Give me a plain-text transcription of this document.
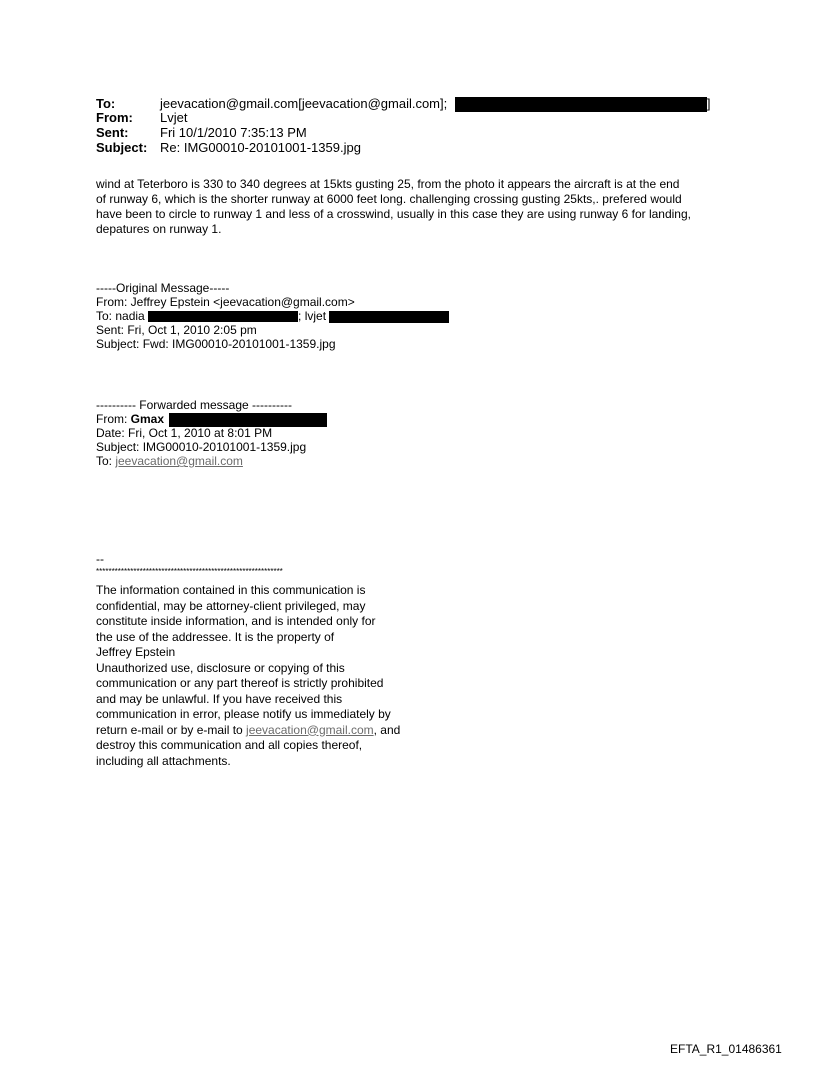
To:	jeevacation@gmail.com[jeevacation@gmail.com];	]
From:	Lvjet
Sent:	Fri 10/1/2010 7:35:13 PM
Subject: Re: IMG00010-20101001-1359.jpg
wind at Teterboro is 330 to 340 degrees at 15kts gusting 25, from the photo it appears the aircraft is at the end
of runway 6, which is the shorter runway at 6000 feet long. challenging crossing gusting 25kts,. prefered would
have been to circle to runway 1 and less of a crosswind, usually in this case they are using runway 6 for landing,
depatures on runway 1.
-----Original Message-----
From: Jeffrey Epstein <jeevacation@gmail.com>
To: nadia	; lvjet
Sent: Fri, Oct 1, 2010 2:05 pm
Subject: Fwd: IMG00010-20101001-1359.jpg
---------- Forwarded message ----------
From: Gmax
Date: Fri, Oct 1, 2010 at 8:01 PM
Subject: IMG00010-20101001-1359.jpg
To: jeevacation@gmail.com
--
************************************************************
The information contained in this communication is
confidential, may be attorney-client privileged, may
constitute inside information, and is intended only for
the use of the addressee. It is the property of
Jeffrey Epstein
Unauthorized use, disclosure or copying of this
communication or any part thereof is strictly prohibited
and may be unlawful. If you have received this
communication in error, please notify us immediately by
return e-mail or by e-mail to jeevacation@gmail.com, and
destroy this communication and all copies thereof,
including all attachments.
EFTA_R1_01486361
